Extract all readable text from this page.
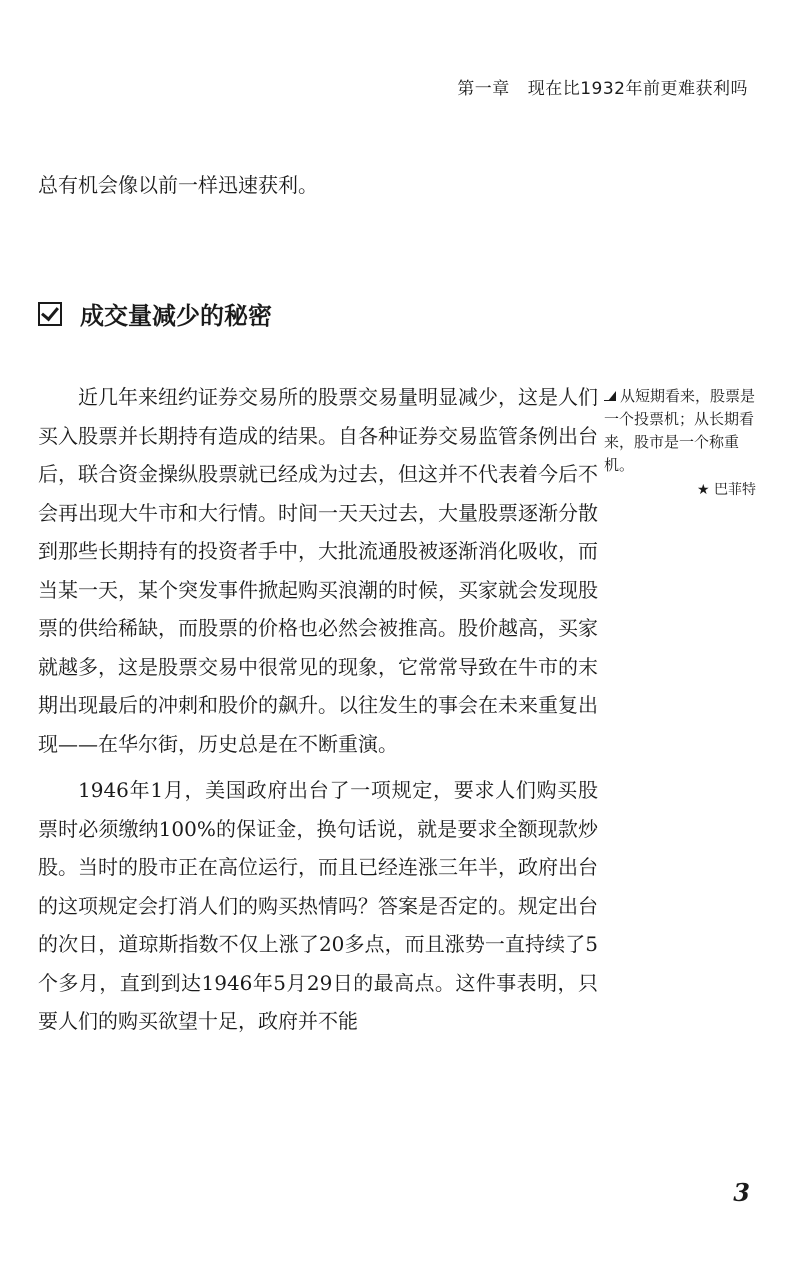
第一章 现在比1932年前更难获利吗
总有机会像以前一样迅速获利。
成交量减少的秘密

近几年来纽约证券交易所的股票交易量明显减少，这是人们买入股票并长期持有造成的结果。自各种证券交易监管条例出台后，联合资金操纵股票就已经成为过去，但这并不代表着今后不会再出现大牛市和大行情。时间一天天过去，大量股票逐渐分散到那些长期持有的投资者手中，大批流通股被逐渐消化吸收，而当某一天，某个突发事件掀起购买浪潮的时候，买家就会发现股票的供给稀缺，而股票的价格也必然会被推高。股价越高，买家就越多，这是股票交易中很常见的现象，它常常导致在牛市的末期出现最后的冲刺和股价的飙升。以往发生的事会在未来重复出现——在华尔街，历史总是在不断重演。

1946年1月，美国政府出台了一项规定，要求人们购买股票时必须缴纳100%的保证金，换句话说，就是要求全额现款炒股。当时的股市正在高位运行，而且已经连涨三年半，政府出台的这项规定会打消人们的购买热情吗？答案是否定的。规定出台的次日，道琼斯指数不仅上涨了20多点，而且涨势一直持续了5个多月，直到到达1946年5月29日的最高点。这件事表明，只要人们的购买欲望十足，政府并不能

从短期看来，股票是一个投票机；从长期看来，股市是一个称重机。
★ 巴菲特
3
